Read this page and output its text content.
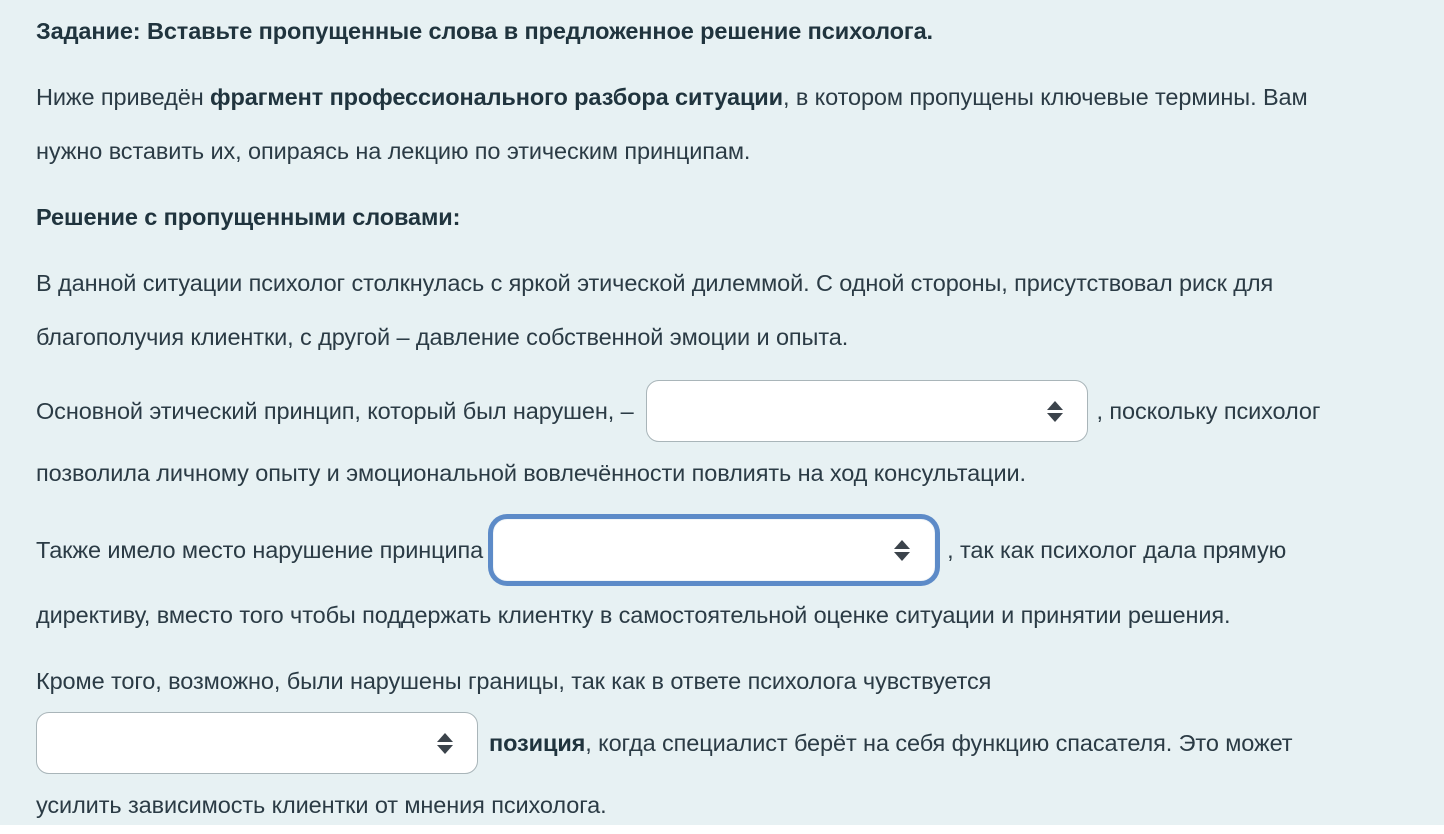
Задание: Вставьте пропущенные слова в предложенное решение психолога.
Ниже приведён фрагмент профессионального разбора ситуации, в котором пропущены ключевые термины. Вам
нужно вставить их, опираясь на лекцию по этическим принципам.
Решение с пропущенными словами:
В данной ситуации психолог столкнулась с яркой этической дилеммой. С одной стороны, присутствовал риск для
благополучия клиентки, с другой – давление собственной эмоции и опыта.
Основной этический принцип, который был нарушен, –	, поскольку психолог
позволила личному опыту и эмоциональной вовлечённости повлиять на ход консультации.
Также имело место нарушение принципа	, так как психолог дала прямую
директиву, вместо того чтобы поддержать клиентку в самостоятельной оценке ситуации и принятии решения.
Кроме того, возможно, были нарушены границы, так как в ответе психолога чувствуется
позиция , когда специалист берёт на себя функцию спасателя. Это может
усилить зависимость клиентки от мнения психолога.
